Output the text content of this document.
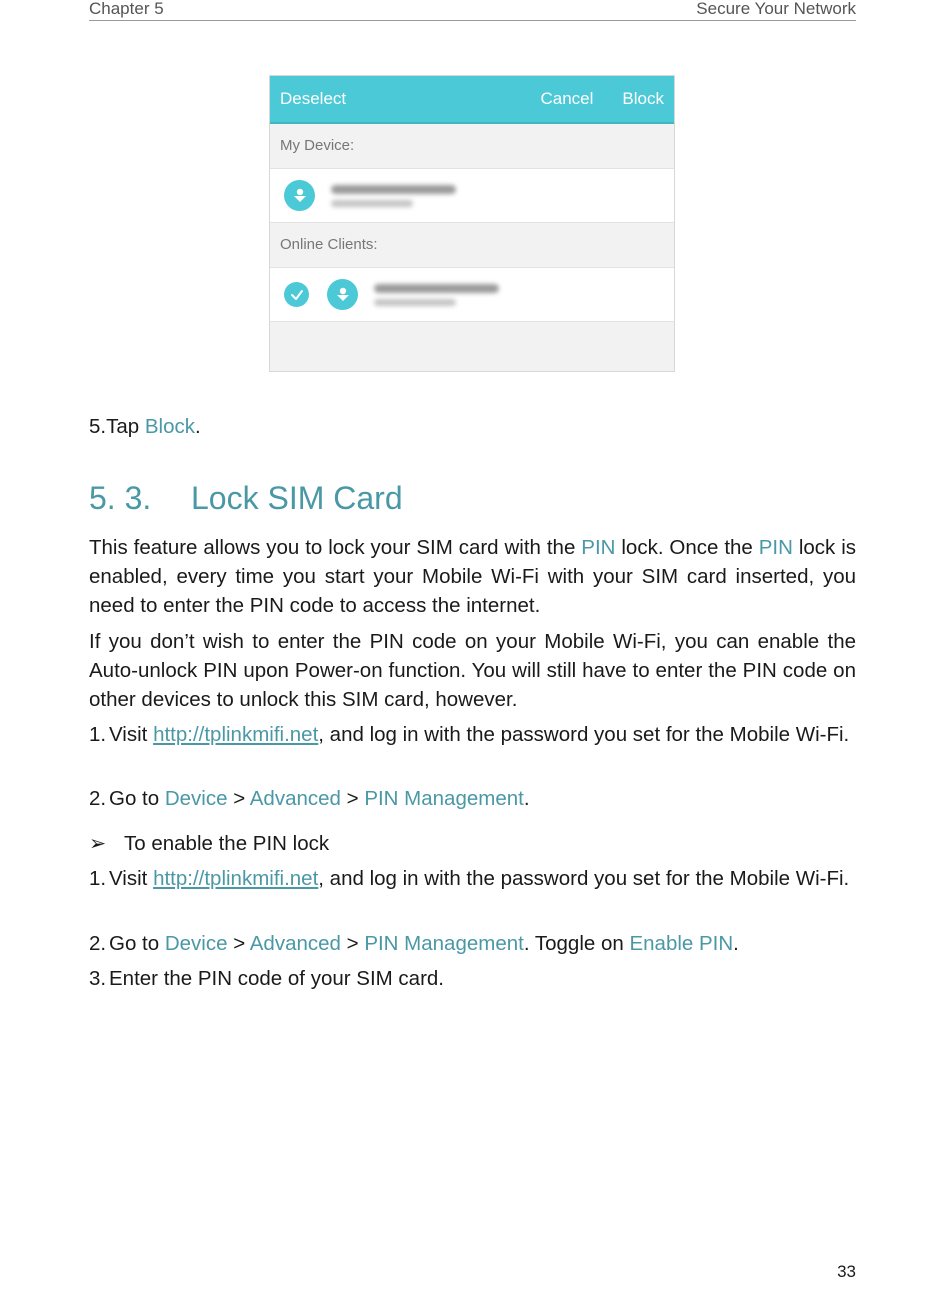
Chapter 5	Secure Your Network
Deselect	Cancel Block
My Device:
Online Clients:
5.Tap Block.
5. 3. Lock SIM Card
This feature allows you to lock your SIM card with the PIN lock. Once the PIN lock is enabled, every time you start your Mobile Wi-Fi with your SIM card inserted, you need to enter the PIN code to access the internet.
If you don’t wish to enter the PIN code on your Mobile Wi-Fi, you can enable the Auto-unlock PIN upon Power-on function. You will still have to enter the PIN code on other devices to unlock this SIM card, however.
1. Visit http://tplinkmifi.net, and log in with the password you set for the Mobile Wi-Fi.
2. Go to Device > Advanced > PIN Management.
➢ To enable the PIN lock
1. Visit http://tplinkmifi.net, and log in with the password you set for the Mobile Wi-Fi.
2. Go to Device > Advanced > PIN Management. Toggle on Enable PIN.
3. Enter the PIN code of your SIM card.
33
